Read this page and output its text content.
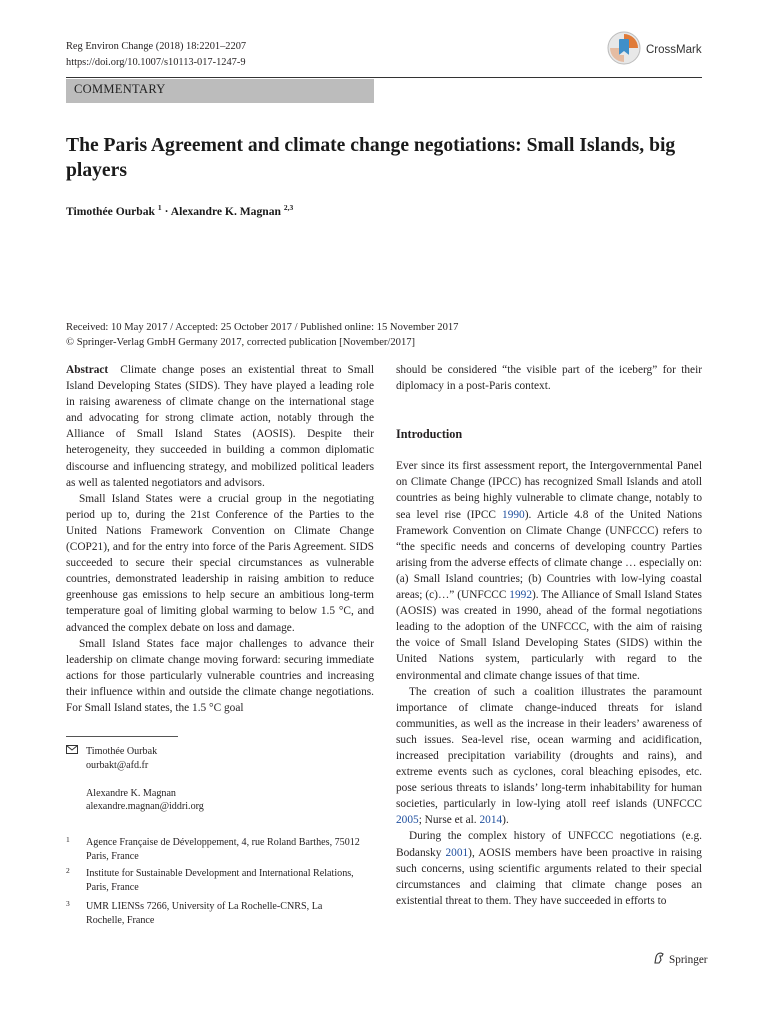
Reg Environ Change (2018) 18:2201–2207
https://doi.org/10.1007/s10113-017-1247-9
CrossMark
COMMENTARY
The Paris Agreement and climate change negotiations: Small Islands, big players
Timothée Ourbak $^1$ · Alexandre K. Magnan $^{2,3}$
Received: 10 May 2017 / Accepted: 25 October 2017 / Published online: 15 November 2017
© Springer-Verlag GmbH Germany 2017, corrected publication [November/2017]

Abstract Climate change poses an existential threat to Small Island Developing States (SIDS). They have played a leading role in raising awareness of climate change on the international stage and advocating for strong climate action, notably through the Alliance of Small Island States (AOSIS). Despite their heterogeneity, they succeeded in building a common diplomatic discourse and influencing strategy, and mobilized political leaders as well as talented negotiators and advisors.

Small Island States were a crucial group in the negotiating period up to, during the 21st Conference of the Parties to the United Nations Framework Convention on Climate Change (COP21), and for the entry into force of the Paris Agreement. SIDS succeeded to secure their special circumstances as vulnerable countries, demonstrated leadership in raising ambition to reduce greenhouse gas emissions to help secure an ambitious long-term temperature goal of limiting global warming to below 1.5 °C, and advanced the complex debate on loss and damage.

Small Island States face major challenges to advance their leadership on climate change moving forward: securing immediate actions for those particularly vulnerable countries and increasing their influence within and outside the climate change negotiations. For Small Island states, the 1.5 °C goal

Timothée Ourbak
ourbakt@afd.fr
Alexandre K. Magnan
alexandre.magnan@iddri.org
1 Agence Française de Développement, 4, rue Roland Barthes, 75012 Paris, France
2 Institute for Sustainable Development and International Relations, Paris, France
3 UMR LIENSs 7266, University of La Rochelle-CNRS, La Rochelle, France

should be considered “the visible part of the iceberg” for their diplomacy in a post-Paris context.

Introduction

Ever since its first assessment report, the Intergovernmental Panel on Climate Change (IPCC) has recognized Small Islands and atoll countries as being highly vulnerable to climate change, notably to sea level rise (IPCC 1990). Article 4.8 of the United Nations Framework Convention on Climate Change (UNFCCC) refers to “the specific needs and concerns of developing country Parties arising from the adverse effects of climate change … especially on: (a) Small Island countries; (b) Countries with low-lying coastal areas; (c)…” (UNFCCC 1992). The Alliance of Small Island States (AOSIS) was created in 1990, ahead of the formal negotiations leading to the adoption of the UNFCCC, with the aim of raising the voice of Small Island Developing States (SIDS) within the United Nations system, particularly with regard to the environmental and climate change issues of that time.

The creation of such a coalition illustrates the paramount importance of climate change-induced threats for island communities, as well as the increase in their leaders’ awareness of such issues. Sea-level rise, ocean warming and acidification, increased precipitation variability (droughts and rains), and extreme events such as cyclones, coral bleaching episodes, etc. pose serious threats to islands’ long-term inhabitability for human societies, particularly in low-lying atoll reef islands (UNFCCC 2005; Nurse et al. 2014).

During the complex history of UNFCCC negotiations (e.g. Bodansky 2001), AOSIS members have been proactive in raising such concerns, using scientific arguments related to their special circumstances and claiming that climate change poses an existential threat to them. They have succeeded in efforts to

Springer
